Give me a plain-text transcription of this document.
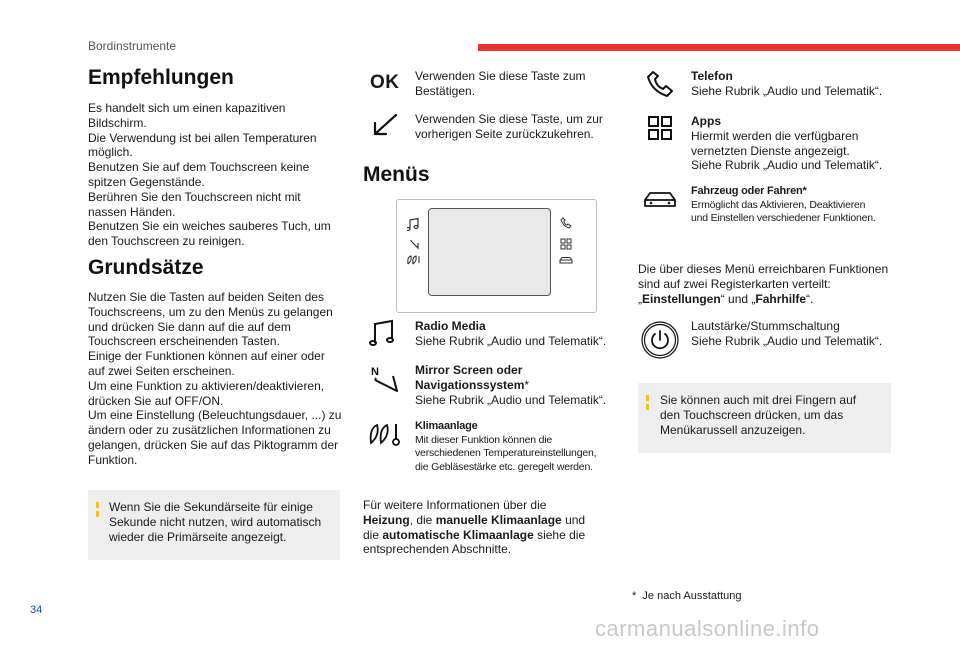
Bordinstrumente
Empfehlungen
Es handelt sich um einen kapazitiven
Bildschirm.
Die Verwendung ist bei allen Temperaturen
möglich.
Benutzen Sie auf dem Touchscreen keine
spitzen Gegenstände.
Berühren Sie den Touchscreen nicht mit
nassen Händen.
Benutzen Sie ein weiches sauberes Tuch, um
den Touchscreen zu reinigen.
Grundsätze
Nutzen Sie die Tasten auf beiden Seiten des
Touchscreens, um zu den Menüs zu gelangen
und drücken Sie dann auf die auf dem
Touchscreen erscheinenden Tasten.
Einige der Funktionen können auf einer oder
auf zwei Seiten erscheinen.
Um eine Funktion zu aktivieren/deaktivieren,
drücken Sie auf OFF/ON.
Um eine Einstellung (Beleuchtungsdauer, ...) zu
ändern oder zu zusätzlichen Informationen zu
gelangen, drücken Sie auf das Piktogramm der
Funktion.
Wenn Sie die Sekundärseite für einige
Sekunde nicht nutzen, wird automatisch
wieder die Primärseite angezeigt.
OK Verwenden Sie diese Taste zum
Bestätigen.
Verwenden Sie diese Taste, um zur
vorherigen Seite zurückzukehren.
Menüs
Radio Media
Siehe Rubrik „Audio und Telematik“.
N	Mirror Screen oder
Navigationssystem*
Siehe Rubrik „Audio und Telematik“.
Klimaanlage
Mit dieser Funktion können die
verschiedenen Temperatureinstellungen,
die Gebläsestärke etc. geregelt werden.
Für weitere Informationen über die
Heizung, die manuelle Klimaanlage und
die automatische Klimaanlage siehe die
entsprechenden Abschnitte.
Telefon
Siehe Rubrik „Audio und Telematik“.
Apps
Hiermit werden die verfügbaren
vernetzten Dienste angezeigt.
Siehe Rubrik „Audio und Telematik“.
Fahrzeug oder Fahren*
Ermöglicht das Aktivieren, Deaktivieren
und Einstellen verschiedener Funktionen.
Die über dieses Menü erreichbaren Funktionen
sind auf zwei Registerkarten verteilt:
„Einstellungen“ und „Fahrhilfe“.
Lautstärke/Stummschaltung
Siehe Rubrik „Audio und Telematik“.
Sie können auch mit drei Fingern auf
den Touchscreen drücken, um das
Menükarussell anzuzeigen.
* Je nach Ausstattung
34
carmanualsonline.info
